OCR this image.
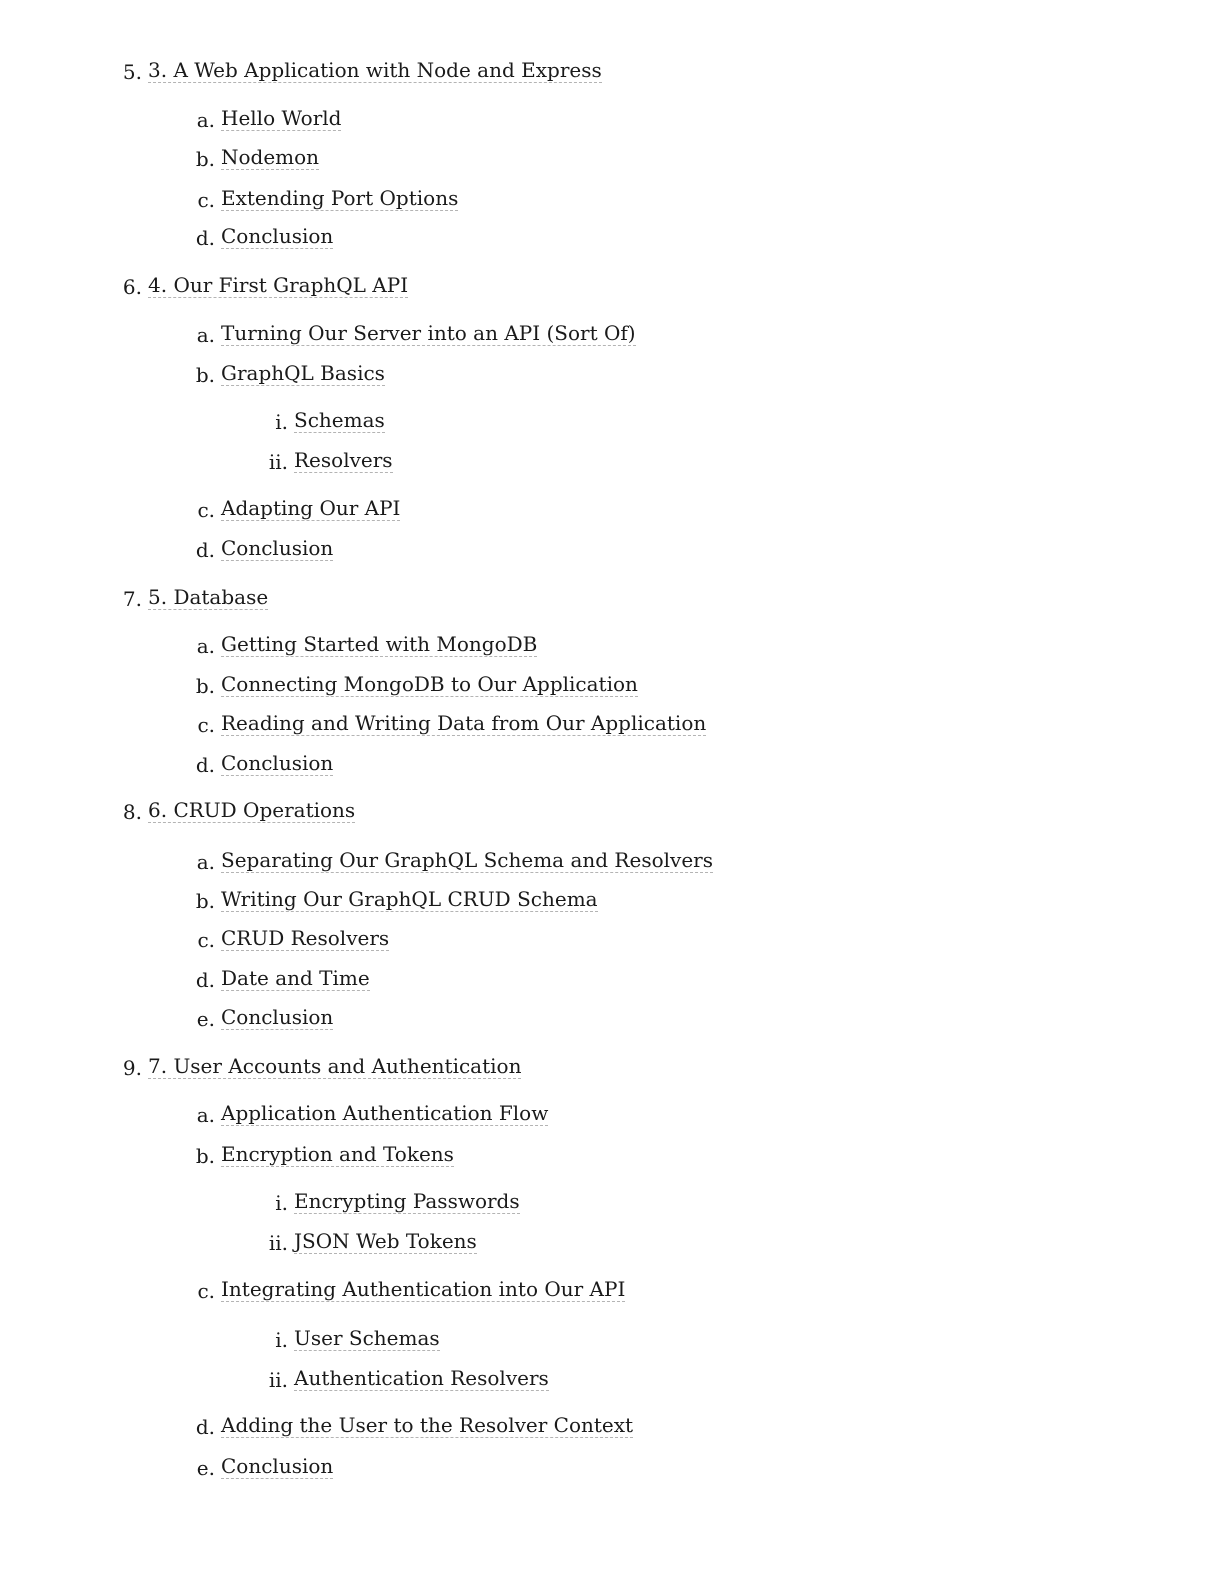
5. 3. A Web Application with Node and Express
a. Hello World
b. Nodemon
c. Extending Port Options
d. Conclusion
6. 4. Our First GraphQL API
a. Turning Our Server into an API (Sort Of)
b. GraphQL Basics
i. Schemas
ii. Resolvers
c. Adapting Our API
d. Conclusion
7. 5. Database
a. Getting Started with MongoDB
b. Connecting MongoDB to Our Application
c. Reading and Writing Data from Our Application
d. Conclusion
8. 6. CRUD Operations
a. Separating Our GraphQL Schema and Resolvers
b. Writing Our GraphQL CRUD Schema
c. CRUD Resolvers
d. Date and Time
e. Conclusion
9. 7. User Accounts and Authentication
a. Application Authentication Flow
b. Encryption and Tokens
i. Encrypting Passwords
ii. JSON Web Tokens
c. Integrating Authentication into Our API
i. User Schemas
ii. Authentication Resolvers
d. Adding the User to the Resolver Context
e. Conclusion
